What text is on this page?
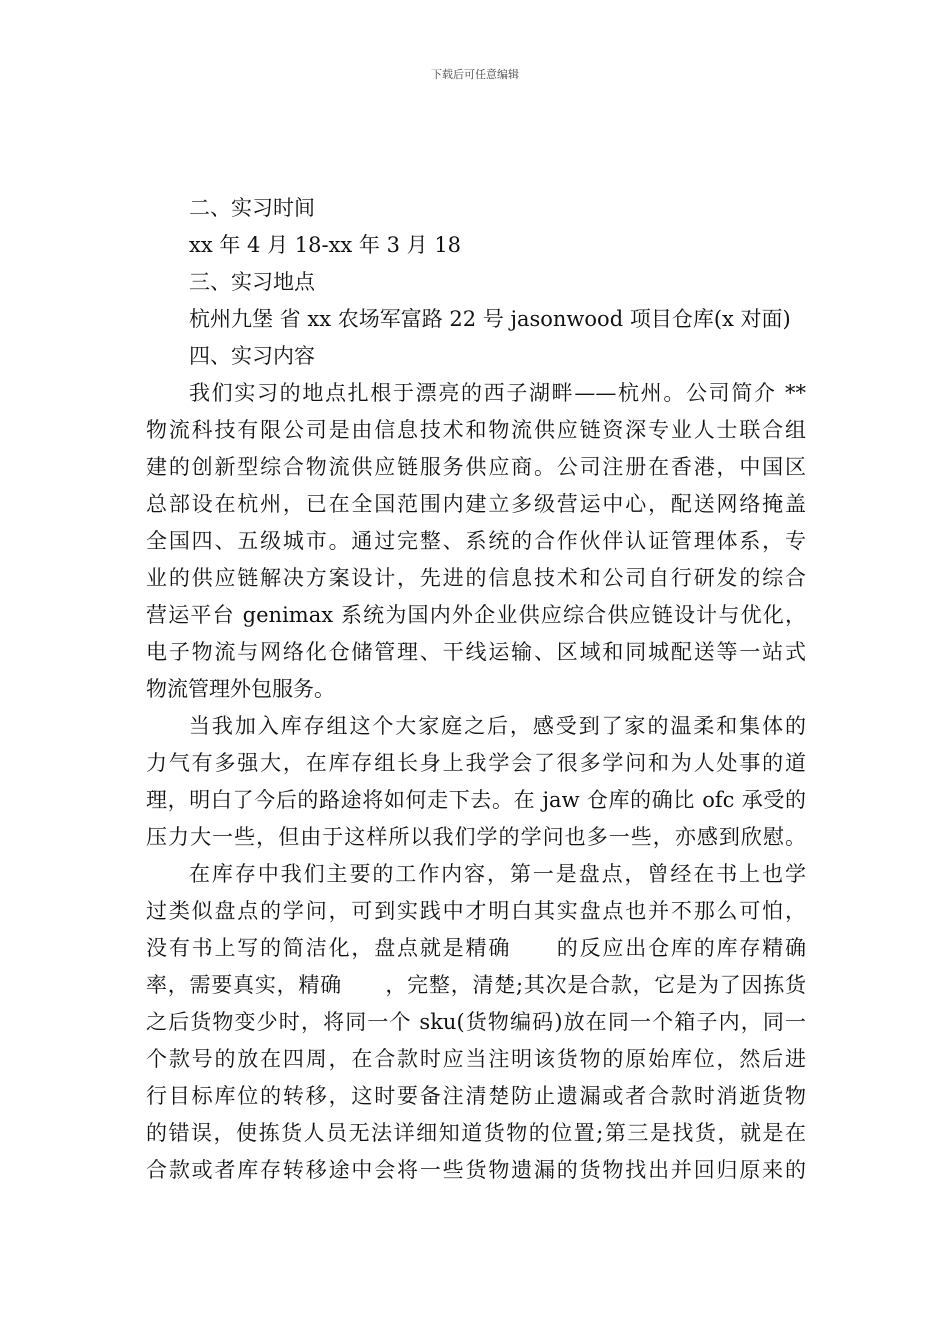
下载后可任意编辑
二、实习时间
xx 年 4 月 18-xx 年 3 月 18
三、实习地点
杭州九堡 省 xx 农场军富路 22 号 jasonwood 项目仓库(x 对面)
四、实习内容
我们实习的地点扎根于漂亮的西子湖畔——杭州。公司简介 **
物流科技有限公司是由信息技术和物流供应链资深专业人士联合组
建的创新型综合物流供应链服务供应商。公司注册在香港，中国区
总部设在杭州，已在全国范围内建立多级营运中心，配送网络掩盖
全国四、五级城市。通过完整、系统的合作伙伴认证管理体系，专
业的供应链解决方案设计，先进的信息技术和公司自行研发的综合
营运平台 genimax 系统为国内外企业供应综合供应链设计与优化，
电子物流与网络化仓储管理、干线运输、区域和同城配送等一站式
物流管理外包服务。
当我加入库存组这个大家庭之后，感受到了家的温柔和集体的
力气有多强大，在库存组长身上我学会了很多学问和为人处事的道
理，明白了今后的路途将如何走下去。在 jaw 仓库的确比 ofc 承受的
压力大一些，但由于这样所以我们学的学问也多一些，亦感到欣慰。
在库存中我们主要的工作内容，第一是盘点，曾经在书上也学
过类似盘点的学问，可到实践中才明白其实盘点也并不那么可怕，
没有书上写的简洁化，盘点就是精确　　的反应出仓库的库存精确
率，需要真实，精确　　，完整，清楚;其次是合款，它是为了因拣货
之后货物变少时，将同一个 sku(货物编码)放在同一个箱子内，同一
个款号的放在四周，在合款时应当注明该货物的原始库位，然后进
行目标库位的转移，这时要备注清楚防止遗漏或者合款时消逝货物
的错误，使拣货人员无法详细知道货物的位置;第三是找货，就是在
合款或者库存转移途中会将一些货物遗漏的货物找出并回归原来的
